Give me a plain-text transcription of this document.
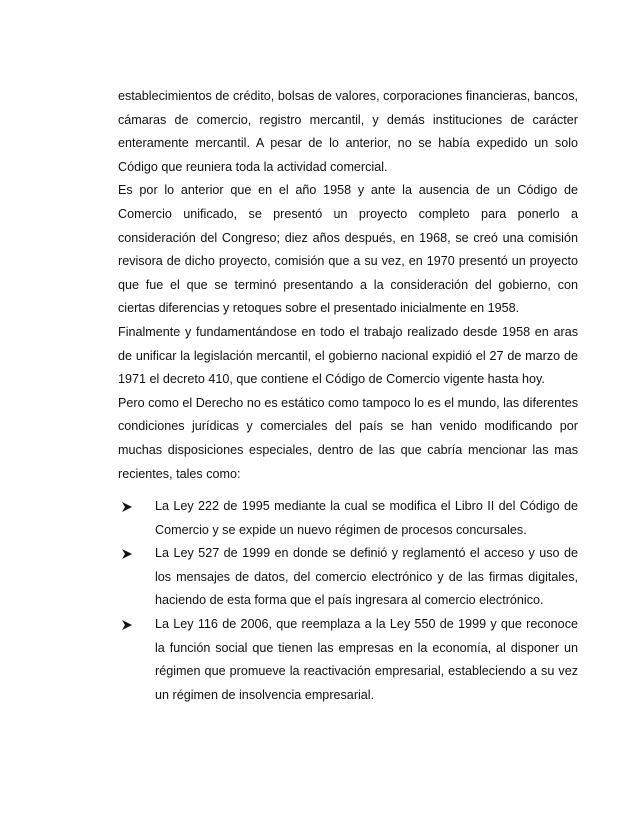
establecimientos de crédito, bolsas de valores, corporaciones financieras, bancos, cámaras de comercio, registro mercantil, y demás instituciones de carácter enteramente mercantil. A pesar de lo anterior, no se había expedido un solo Código que reuniera toda la actividad comercial.

Es por lo anterior que en el año 1958 y ante la ausencia de un Código de Comercio unificado, se presentó un proyecto completo para ponerlo a consideración del Congreso; diez años después, en 1968, se creó una comisión revisora de dicho proyecto, comisión que a su vez, en 1970 presentó un proyecto que fue el que se terminó presentando a la consideración del gobierno, con ciertas diferencias y retoques sobre el presentado inicialmente en 1958.

Finalmente y fundamentándose en todo el trabajo realizado desde 1958 en aras de unificar la legislación mercantil, el gobierno nacional expidió el 27 de marzo de 1971 el decreto 410, que contiene el Código de Comercio vigente hasta hoy.

Pero como el Derecho no es estático como tampoco lo es el mundo, las diferentes condiciones jurídicas y comerciales del país se han venido modificando por muchas disposiciones especiales, dentro de las que cabría mencionar las mas recientes, tales como:

La Ley 222 de 1995 mediante la cual se modifica el Libro II del Código de Comercio y se expide un nuevo régimen de procesos concursales.
La Ley 527 de 1999 en donde se definió y reglamentó el acceso y uso de los mensajes de datos, del comercio electrónico y de las firmas digitales, haciendo de esta forma que el país ingresara al comercio electrónico.
La Ley 116 de 2006, que reemplaza a la Ley 550 de 1999 y que reconoce la función social que tienen las empresas en la economía, al disponer un régimen que promueve la reactivación empresarial, estableciendo a su vez un régimen de insolvencia empresarial.
